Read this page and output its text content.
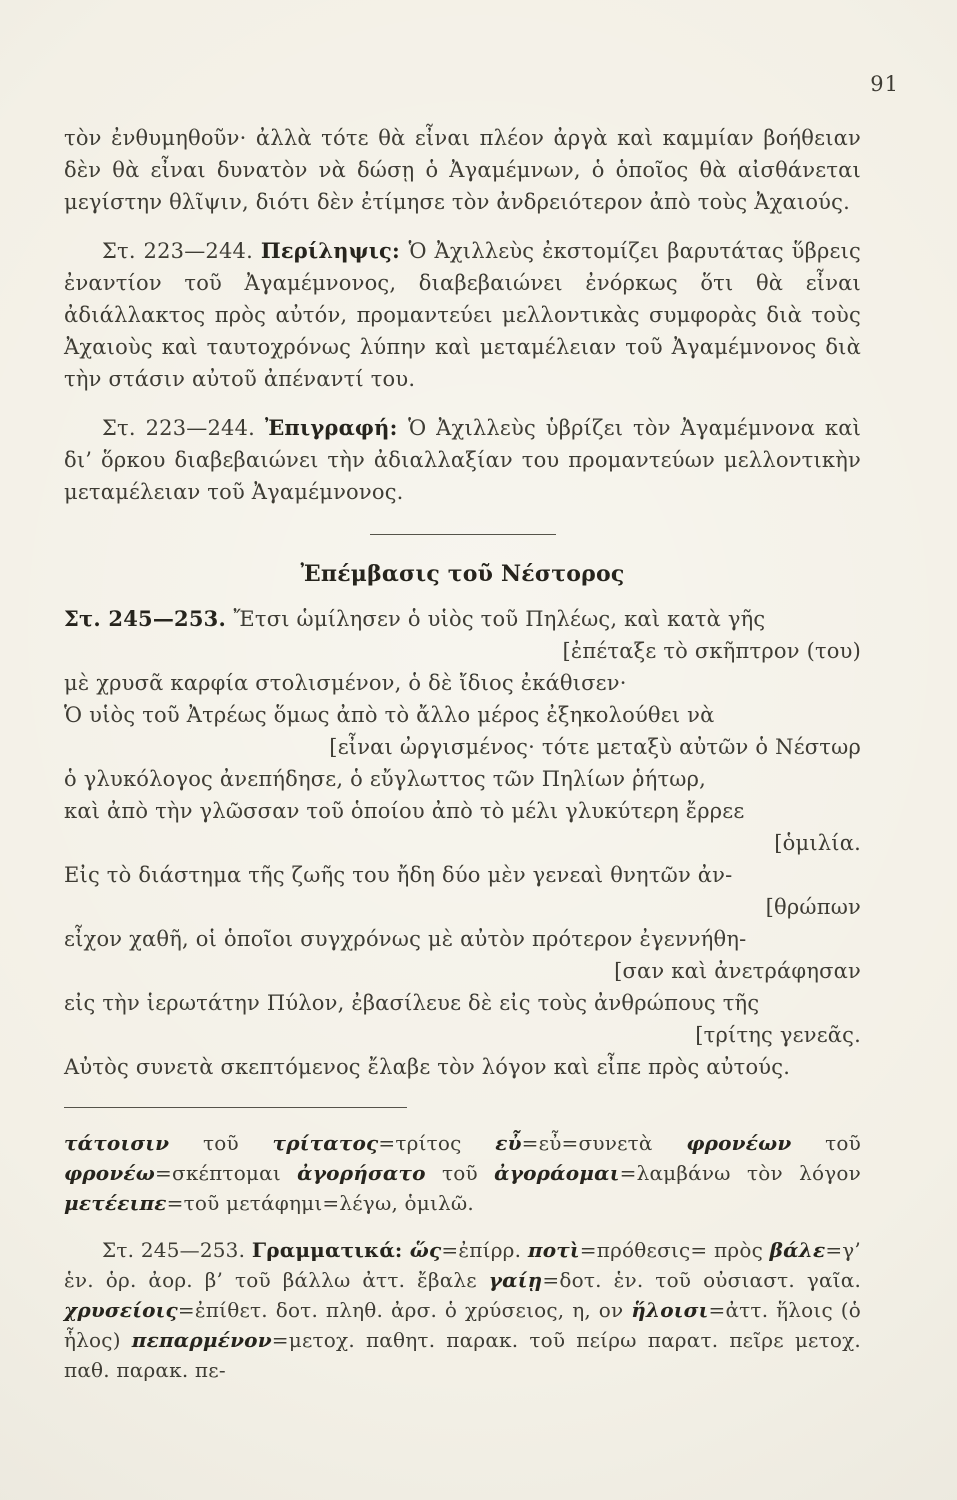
91

τὸν ἐνθυμηθοῦν· ἀλλὰ τότε θὰ εἶναι πλέον ἀργὰ καὶ καμμίαν βοήθειαν δὲν θὰ εἶναι δυνατὸν νὰ δώσῃ ὁ Ἀγαμέμνων, ὁ ὁποῖος θὰ αἰσθάνεται μεγίστην θλῖψιν, διότι δὲν ἐτίμησε τὸν ἀνδρειότερον ἀπὸ τοὺς Ἀχαιούς.

Στ. 223—244. Περίληψις: Ὁ Ἀχιλλεὺς ἐκστομίζει βαρυτάτας ὕβρεις ἐναντίον τοῦ Ἀγαμέμνονος, διαβεβαιώνει ἐνόρκως ὅτι θὰ εἶναι ἀδιάλλακτος πρὸς αὐτόν, προμαντεύει μελλοντικὰς συμφορὰς διὰ τοὺς Ἀχαιοὺς καὶ ταυτοχρόνως λύπην καὶ μεταμέλειαν τοῦ Ἀγαμέμνονος διὰ τὴν στάσιν αὐτοῦ ἀπέναντί του.

Στ. 223—244. Ἐπιγραφή: Ὁ Ἀχιλλεὺς ὑβρίζει τὸν Ἀγαμέμνονα καὶ δι’ ὅρκου διαβεβαιώνει τὴν ἀδιαλλαξίαν του προμαντεύων μελλοντικὴν μεταμέλειαν τοῦ Ἀγαμέμνονος.

Ἐπέμβασις τοῦ Νέστορος
Στ. 245—253. Ἔτσι ὡμίλησεν ὁ υἱὸς τοῦ Πηλέως, καὶ κατὰ γῆς
[ἐπέταξε τὸ σκῆπτρον (του)
μὲ χρυσᾶ καρφία στολισμένον, ὁ δὲ ἴδιος ἐκάθισεν·
Ὁ υἱὸς τοῦ Ἀτρέως ὅμως ἀπὸ τὸ ἄλλο μέρος ἐξηκολούθει νὰ
[εἶναι ὠργισμένος· τότε μεταξὺ αὐτῶν ὁ Νέστωρ
ὁ γλυκόλογος ἀνεπήδησε, ὁ εὔγλωττος τῶν Πηλίων ῥήτωρ,
καὶ ἀπὸ τὴν γλῶσσαν τοῦ ὁποίου ἀπὸ τὸ μέλι γλυκύτερη ἔρρεε
[ὁμιλία.
Εἰς τὸ διάστημα τῆς ζωῆς του ἤδη δύο μὲν γενεαὶ θνητῶν ἀν-
[θρώπων
εἶχον χαθῆ, οἱ ὁποῖοι συγχρόνως μὲ αὐτὸν πρότερον ἐγεννήθη-
[σαν καὶ ἀνετράφησαν
εἰς τὴν ἱερωτάτην Πύλον, ἐβασίλευε δὲ εἰς τοὺς ἀνθρώπους τῆς
[τρίτης γενεᾶς.
Αὐτὸς συνετὰ σκεπτόμενος ἔλαβε τὸν λόγον καὶ εἶπε πρὸς αὐτούς.

τάτοισιν τοῦ τρίτατος=τρίτος εὖ=εὖ=συνετὰ φρονέων τοῦ φρονέω=σκέπτομαι ἀγορήσατο τοῦ ἀγοράομαι=λαμβάνω τὸν λόγον μετέειπε=τοῦ μετάφημι=λέγω, ὁμιλῶ.

Στ. 245—253. Γραμματικά: ὥς=ἐπίρρ. ποτὶ=πρόθεσις= πρὸς βάλε=γ’ ἑν. ὁρ. ἀορ. β’ τοῦ βάλλω ἀττ. ἔβαλε γαίῃ=δοτ. ἑν. τοῦ οὐσιαστ. γαῖα. χρυσείοις=ἐπίθετ. δοτ. πληθ. ἀρσ. ὁ χρύσειος, η, ον ἥλοισι=ἀττ. ἥλοις (ὁ ἧλος) πεπαρμένον=μετοχ. παθητ. παρακ. τοῦ πείρω παρατ. πεῖρε μετοχ. παθ. παρακ. πε-
